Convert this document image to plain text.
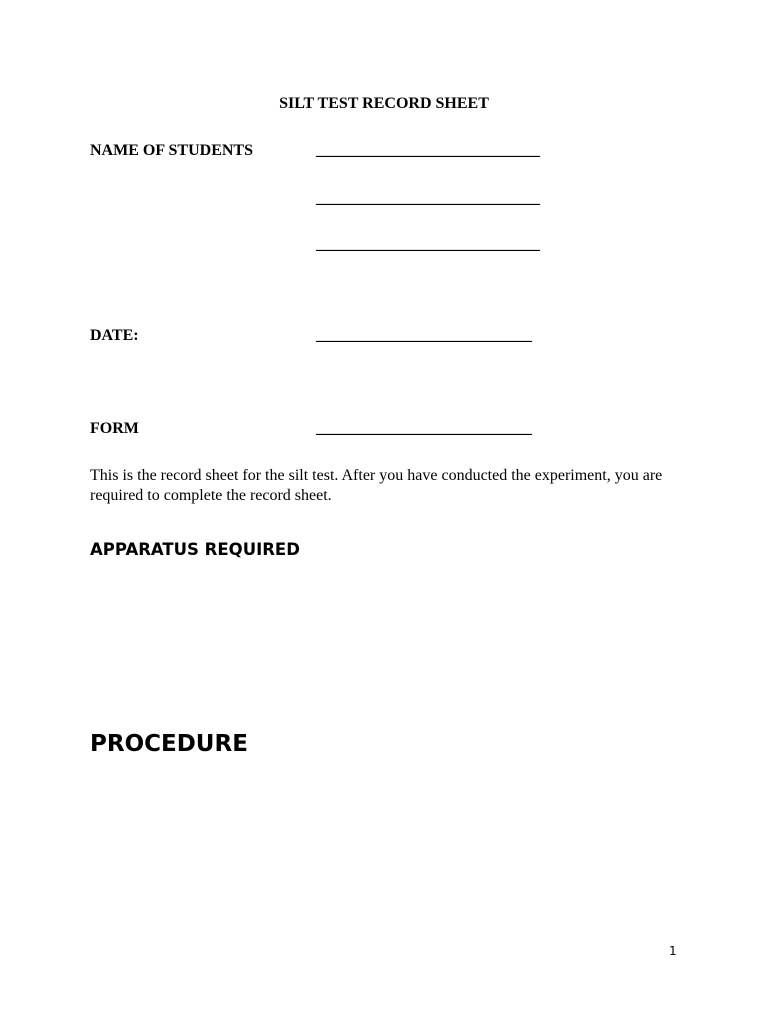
SILT TEST RECORD SHEET
NAME OF STUDENTS	____________________________
____________________________
____________________________
DATE:	___________________________
FORM	___________________________
This is the record sheet for the silt test. After you have conducted the experiment, you are required to complete the record sheet.
APPARATUS REQUIRED
PROCEDURE
1
